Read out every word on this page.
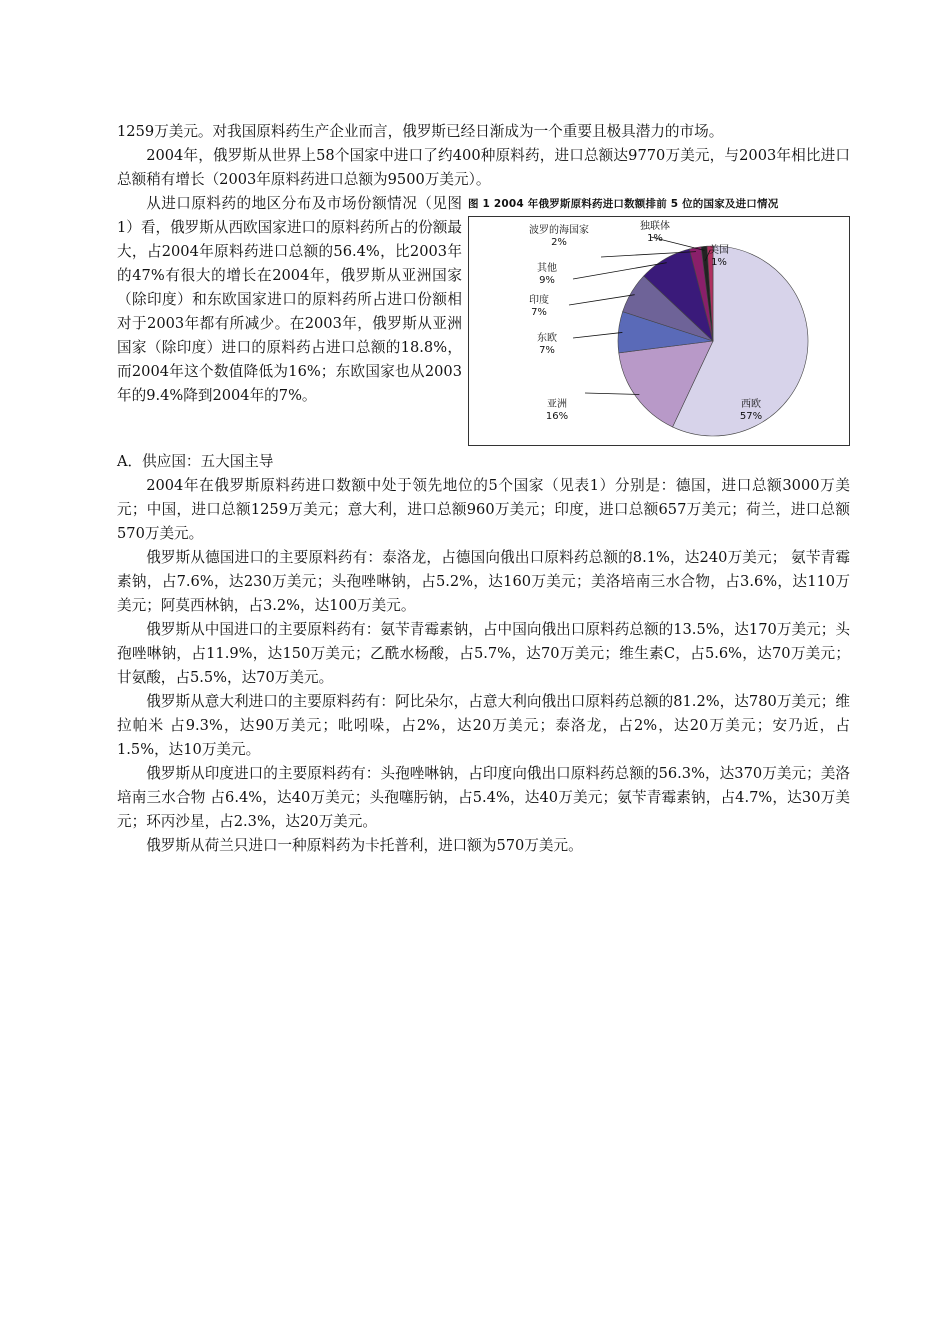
1259万美元。对我国原料药生产企业而言，俄罗斯已经日渐成为一个重要且极具潜力的市场。

2004年，俄罗斯从世界上58个国家中进口了约400种原料药，进口总额达9770万美元，与2003年相比进口总额稍有增长（2003年原料药进口总额为9500万美元）。

图 1 2004 年俄罗斯原料药进口数额排前 5 位的国家及进口情况
西欧
57%
亚洲
16%
东欧
7%
印度
7%
其他
9%
波罗的海国家
2%
独联体
1%
美国
1%

从进口原料药的地区分布及市场份额情况（见图1）看，俄罗斯从西欧国家进口的原料药所占的份额最大，占2004年原料药进口总额的56.4%，比2003年的47%有很大的增长在2004年，俄罗斯从亚洲国家（除印度）和东欧国家进口的原料药所占进口份额相对于2003年都有所减少。在2003年，俄罗斯从亚洲国家（除印度）进口的原料药占进口总额的18.8%，而2004年这个数值降低为16%；东欧国家也从2003年的9.4%降到2004年的7%。

A．供应国：五大国主导

2004年在俄罗斯原料药进口数额中处于领先地位的5个国家（见表1）分别是：德国，进口总额3000万美元；中国，进口总额1259万美元；意大利，进口总额960万美元；印度，进口总额657万美元；荷兰，进口总额570万美元。

俄罗斯从德国进口的主要原料药有：泰洛龙，占德国向俄出口原料药总额的8.1%，达240万美元； 氨苄青霉素钠，占7.6%，达230万美元；头孢唑啉钠，占5.2%，达160万美元；美洛培南三水合物，占3.6%，达110万美元；阿莫西林钠，占3.2%，达100万美元。

俄罗斯从中国进口的主要原料药有：氨苄青霉素钠，占中国向俄出口原料药总额的13.5%，达170万美元；头孢唑啉钠，占11.9%，达150万美元；乙酰水杨酸，占5.7%，达70万美元；维生素C，占5.6%，达70万美元；甘氨酸，占5.5%，达70万美元。

俄罗斯从意大利进口的主要原料药有：阿比朵尔，占意大利向俄出口原料药总额的81.2%，达780万美元；维拉帕米 占9.3%，达90万美元；吡吲哚，占2%，达20万美元；泰洛龙，占2%，达20万美元；安乃近，占1.5%，达10万美元。

俄罗斯从印度进口的主要原料药有：头孢唑啉钠，占印度向俄出口原料药总额的56.3%，达370万美元；美洛培南三水合物 占6.4%，达40万美元；头孢噻肟钠，占5.4%，达40万美元；氨苄青霉素钠，占4.7%，达30万美元；环丙沙星，占2.3%，达20万美元。

俄罗斯从荷兰只进口一种原料药为卡托普利，进口额为570万美元。
